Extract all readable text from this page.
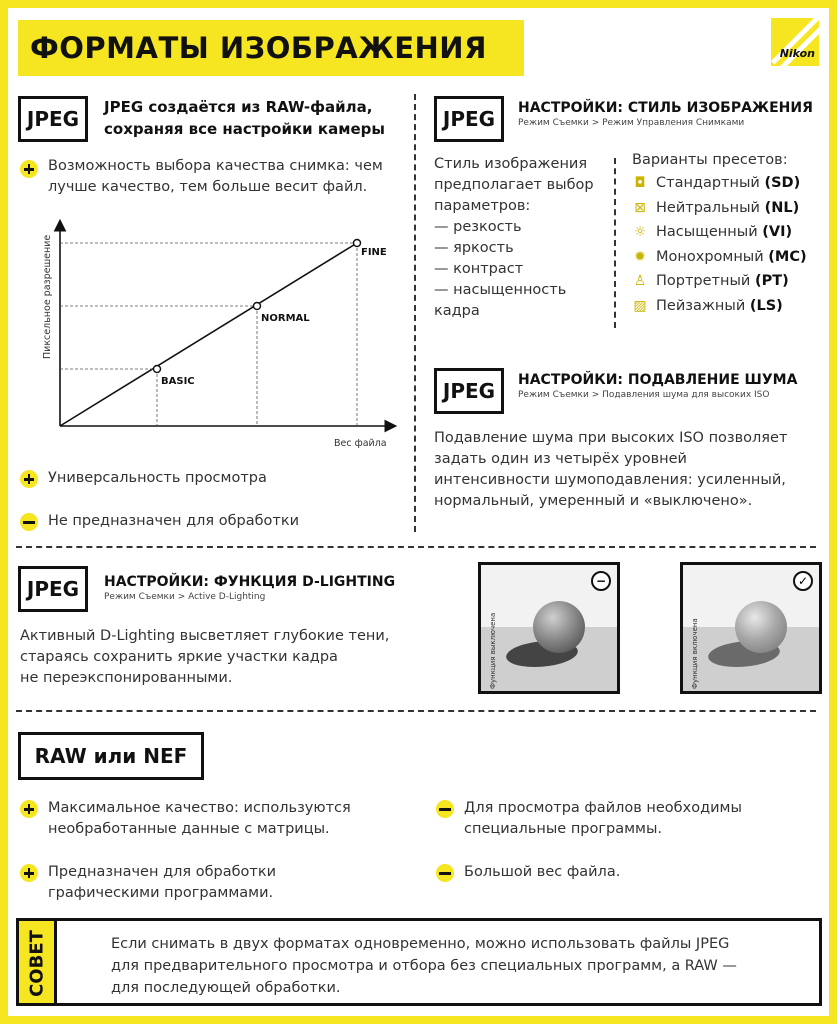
ФОРМАТЫ ИЗОБРАЖЕНИЯ	Nikon
JPEG	JPEG создаётся из RAW-файла,
сохраняя все настройки камеры
Возможность выбора качества снимка: чем
лучше качество, тем больше весит файл.
BASIC
NORMAL
FINE
Пиксельное разрешение
Вес файла
Универсальность просмотра
Не предназначен для обработки
JPEG	НАСТРОЙКИ: СТИЛЬ ИЗОБРАЖЕНИЯ
Режим Съемки > Режим Управления Снимками
Стиль изображения
предполагает выбор
параметров:
— резкость
— яркость
— контраст
— насыщенность
кадра
Варианты пресетов:
◘ Стандартный (SD)
⊠ Нейтральный (NL)
☼ Насыщенный (VI)
✹ Монохромный (MC)
♙ Портретный (PT)
▨ Пейзажный (LS)
JPEG	НАСТРОЙКИ: ПОДАВЛЕНИЕ ШУМА
Режим Съемки > Подавления шума для высоких ISO
Подавление шума при высоких ISO позволяет
задать один из четырёх уровней
интенсивности шумоподавления: усиленный,
нормальный, умеренный и «выключено».
JPEG	НАСТРОЙКИ: ФУНКЦИЯ D-LIGHTING
Режим Съемки > Active D-Lighting
Активный D-Lighting высветляет глубокие тени,
стараясь сохранить яркие участки кадра
не переэкспонированными.	Функция выключена
−
Функция включена
✓
RAW или NEF
Максимальное качество: используются
необработанные данные с матрицы.
Предназначен для обработки
графическими программами.
Для просмотра файлов необходимы
специальные программы.
Большой вес файла.
СОВЕТ	Если снимать в двух форматах одновременно, можно использовать файлы JPEG
для предварительного просмотра и отбора без специальных программ, а RAW —
для последующей обработки.
